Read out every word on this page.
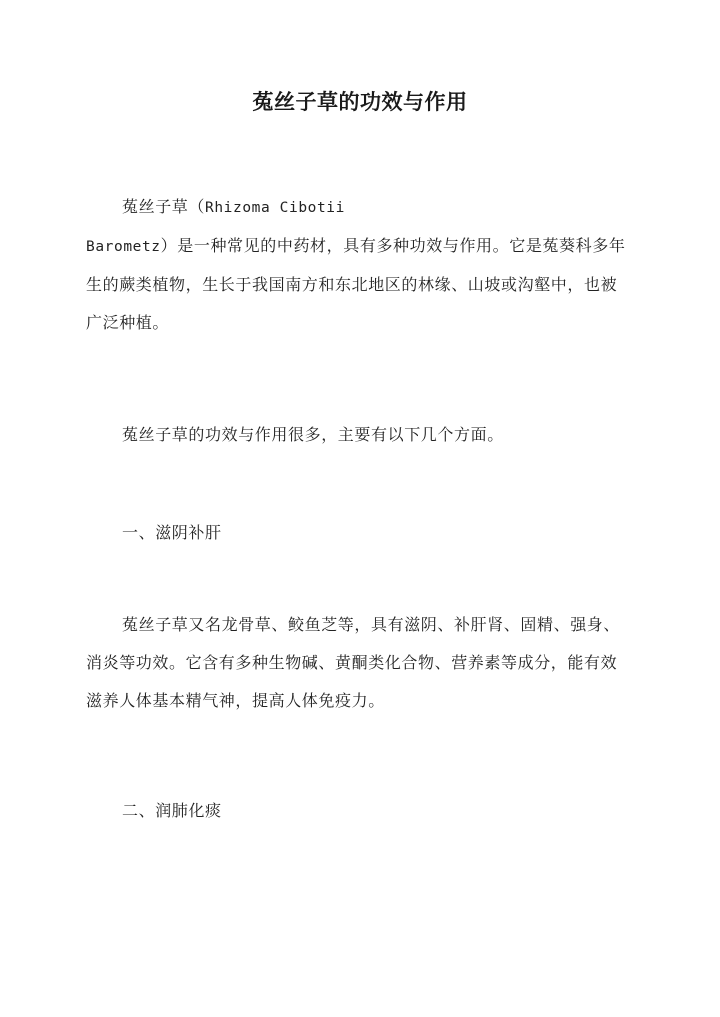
菟丝子草的功效与作用
菟丝子草（Rhizoma Cibotii
Barometz）是一种常见的中药材，具有多种功效与作用。它是菟葵科多年
生的蕨类植物，生长于我国南方和东北地区的林缘、山坡或沟壑中，也被
广泛种植。
菟丝子草的功效与作用很多，主要有以下几个方面。
一、滋阴补肝
菟丝子草又名龙骨草、鲛鱼芝等，具有滋阴、补肝肾、固精、强身、
消炎等功效。它含有多种生物碱、黄酮类化合物、营养素等成分，能有效
滋养人体基本精气神，提高人体免疫力。
二、润肺化痰
